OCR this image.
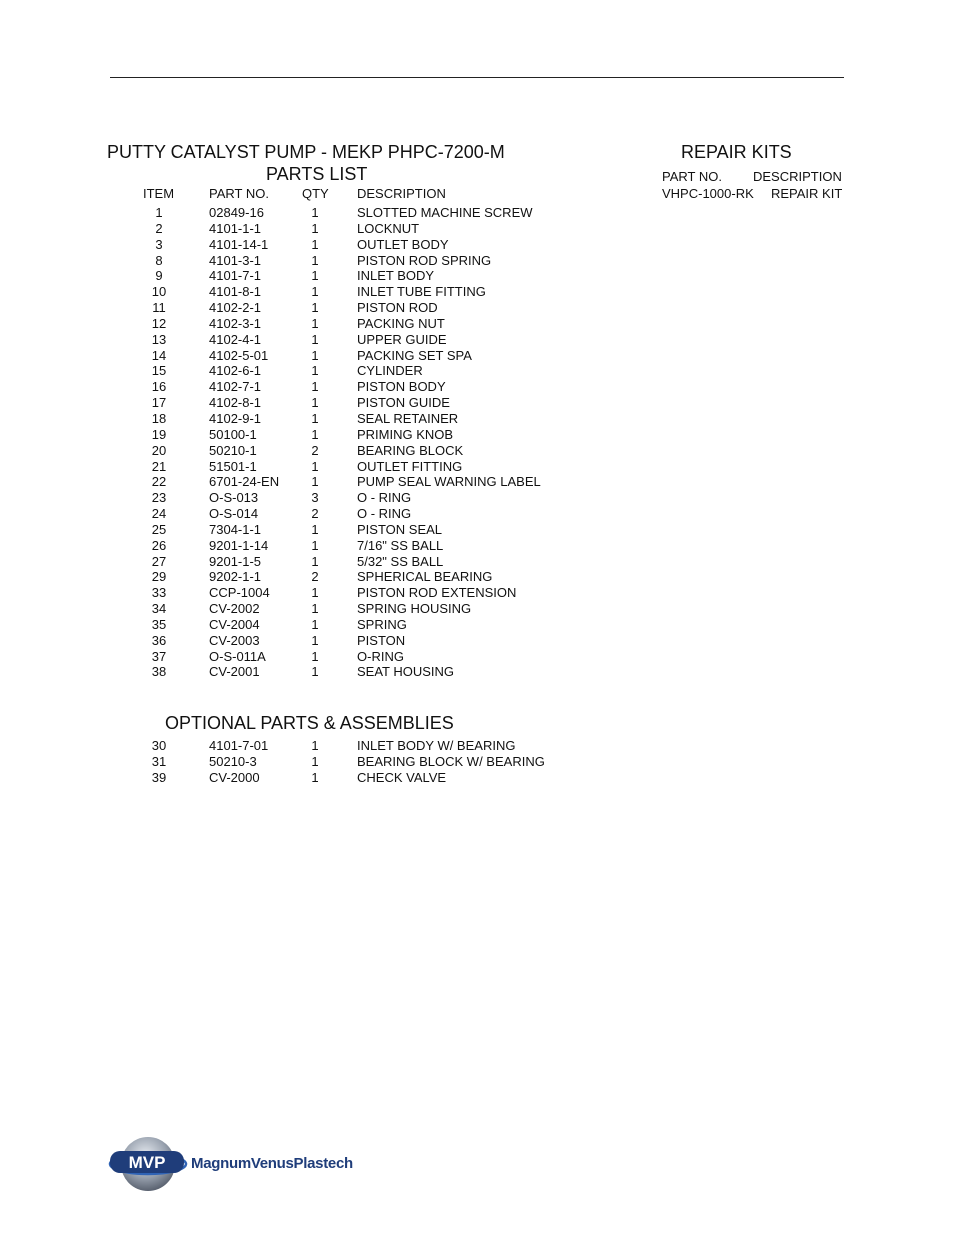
PUTTY CATALYST PUMP - MEKP PHPC-7200-M
PARTS LIST
REPAIR KITS
PART NO. DESCRIPTION
VHPC-1000-RK REPAIR KIT
ITEM	PART NO.	QTY DESCRIPTION
1	02849-16	1	SLOTTED MACHINE SCREW
2	4101-1-1	1	LOCKNUT
3	4101-14-1	1	OUTLET BODY
8	4101-3-1	1	PISTON ROD SPRING
9	4101-7-1	1	INLET BODY
10	4101-8-1	1	INLET TUBE FITTING
11	4102-2-1	1	PISTON ROD
12	4102-3-1	1	PACKING NUT
13	4102-4-1	1	UPPER GUIDE
14	4102-5-01	1	PACKING SET SPA
15	4102-6-1	1	CYLINDER
16	4102-7-1	1	PISTON BODY
17	4102-8-1	1	PISTON GUIDE
18	4102-9-1	1	SEAL RETAINER
19	50100-1	1	PRIMING KNOB
20	50210-1	2	BEARING BLOCK
21	51501-1	1	OUTLET FITTING
22	6701-24-EN 1	PUMP SEAL WARNING LABEL
23	O-S-013	3	O - RING
24	O-S-014	2	O - RING
25	7304-1-1	1	PISTON SEAL
26	9201-1-14	1	7/16" SS BALL
27	9201-1-5	1	5/32" SS BALL
29	9202-1-1	2	SPHERICAL BEARING
33	CCP-1004	1	PISTON ROD EXTENSION
34	CV-2002	1	SPRING HOUSING
35	CV-2004	1	SPRING
36	CV-2003	1	PISTON
37	O-S-011A	1	O-RING
38	CV-2001	1	SEAT HOUSING
OPTIONAL PARTS & ASSEMBLIES
30	4101-7-01	1	INLET BODY W/ BEARING
31	50210-3	1	BEARING BLOCK W/ BEARING
39	CV-2000	1	CHECK VALVE
MVP MagnumVenusPlastech
